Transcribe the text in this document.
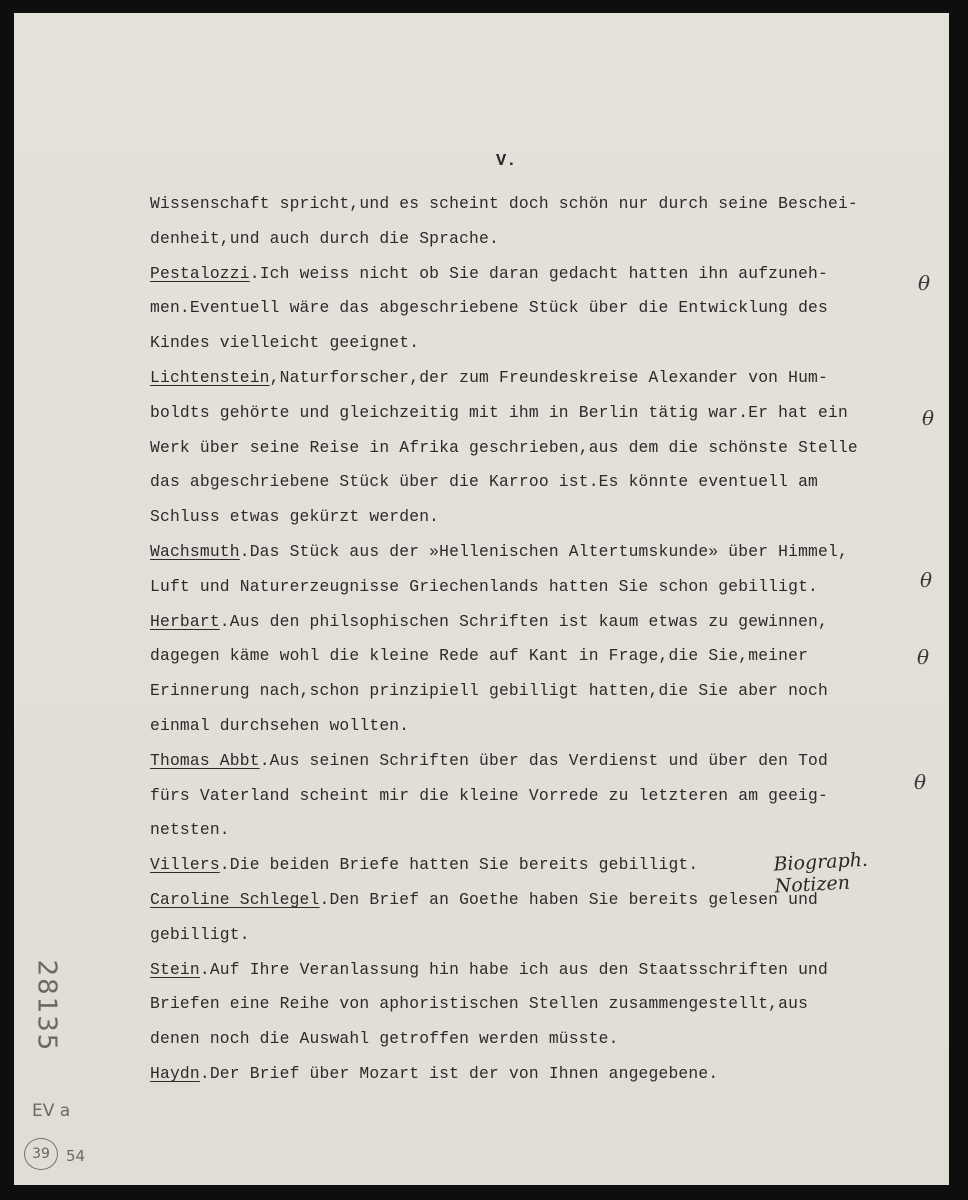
V.
Wissenschaft spricht,und es scheint doch schön nur durch seine Beschei-
denheit,und auch durch die Sprache.
Pestalozzi.Ich weiss nicht ob Sie daran gedacht hatten ihn aufzuneh-
men.Eventuell wäre das abgeschriebene Stück über die Entwicklung des
Kindes vielleicht geeignet.
Lichtenstein,Naturforscher,der zum Freundeskreise Alexander von Hum-
boldts gehörte und gleichzeitig mit ihm in Berlin tätig war.Er hat ein
Werk über seine Reise in Afrika geschrieben,aus dem die schönste Stelle
das abgeschriebene Stück über die Karroo ist.Es könnte eventuell am
Schluss etwas gekürzt werden.
Wachsmuth.Das Stück aus der »Hellenischen Altertumskunde» über Himmel,
Luft und Naturerzeugnisse Griechenlands hatten Sie schon gebilligt.
Herbart.Aus den philsophischen Schriften ist kaum etwas zu gewinnen,
dagegen käme wohl die kleine Rede auf Kant in Frage,die Sie,meiner
Erinnerung nach,schon prinzipiell gebilligt hatten,die Sie aber noch
einmal durchsehen wollten.
Thomas Abbt.Aus seinen Schriften über das Verdienst und über den Tod
fürs Vaterland scheint mir die kleine Vorrede zu letzteren am geeig-
netsten.
Villers.Die beiden Briefe hatten Sie bereits gebilligt.
Caroline Schlegel.Den Brief an Goethe haben Sie bereits gelesen und
gebilligt.
Stein.Auf Ihre Veranlassung hin habe ich aus den Staatsschriften und
Briefen eine Reihe von aphoristischen Stellen zusammengestellt,aus
denen noch die Auswahl getroffen werden müsste.
Haydn.Der Brief über Mozart ist der von Ihnen angegebene.
θ
θ
θ
θ
θ
Biograph. Notizen
28135
EV a
39	54
